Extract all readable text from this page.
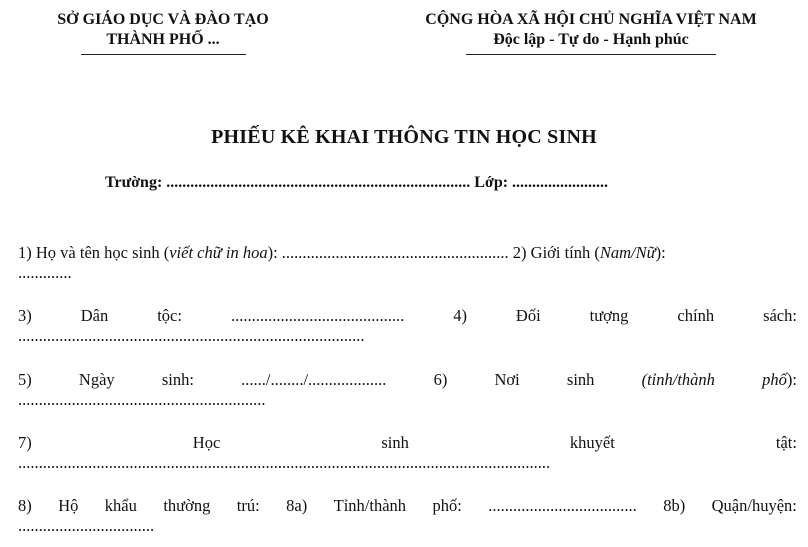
SỞ GIÁO DỤC VÀ ĐÀO TẠO
THÀNH PHỐ ...
CỘNG HÒA XÃ HỘI CHỦ NGHĨA VIỆT NAM
Độc lập - Tự do - Hạnh phúc
PHIẾU KÊ KHAI THÔNG TIN HỌC SINH
Trường: ............................................................................ Lớp: ........................
1) Họ và tên học sinh (viết chữ in hoa): ....................................................... 2) Giới tính (Nam/Nữ):
.............
3)	Dân	tộc:	..........................................	4)	Đối	tượng	chính	sách:
....................................................................................
5)	Ngày	sinh:	....../......../...................	6)	Nơi	sinh	(tỉnh/thành	phố):
............................................................
7)	Học	sinh	khuyết	tật:
.................................................................................................................................
8) Hộ khẩu thường trú: 8a) Tỉnh/thành phố: .................................... 8b) Quận/huyện:
.................................
